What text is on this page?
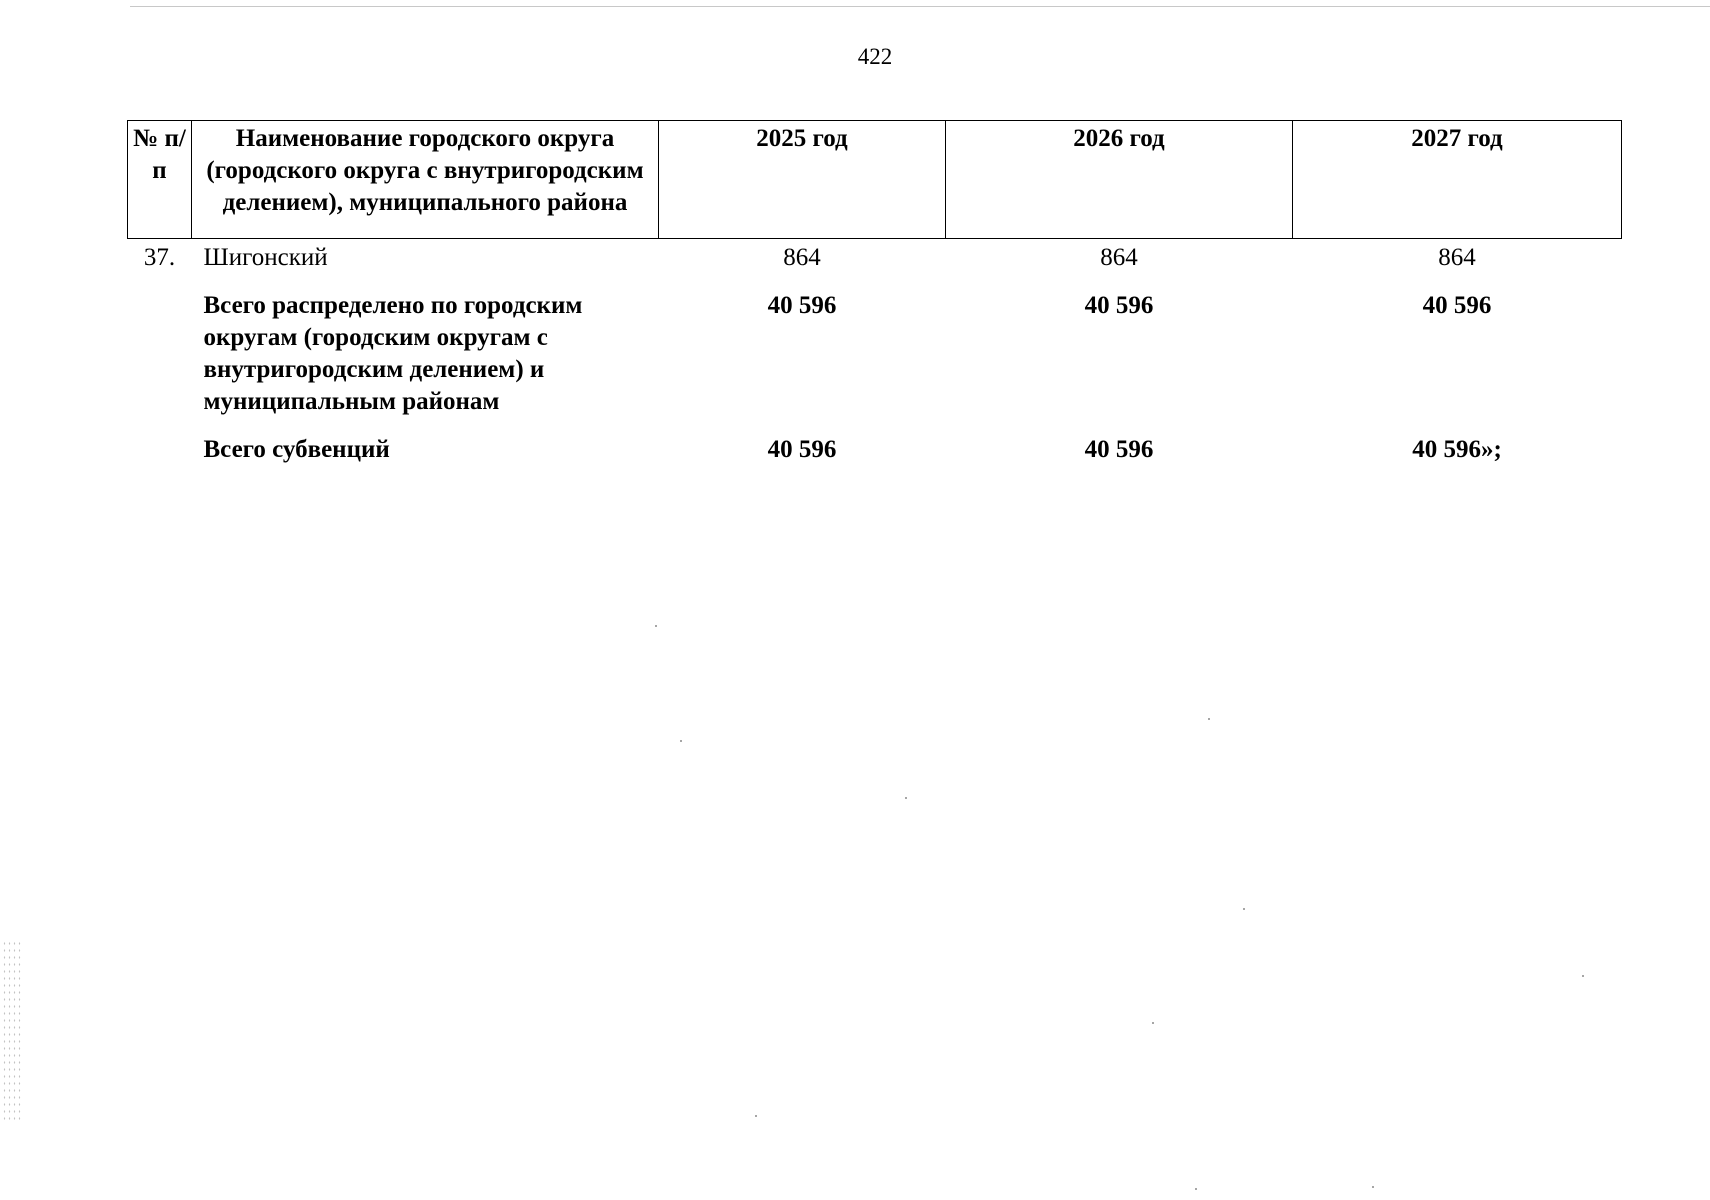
422
№ п/п	Наименование городского округа (городского округа с внутригородским делением), муниципального района	2025 год	2026 год	2027 год
37.	Шигонский	864	864	864
	Всего распределено по городским округам (городским округам с внутригородским делением) и муниципальным районам	40 596	40 596	40 596
	Всего субвенций	40 596	40 596	40 596»;
